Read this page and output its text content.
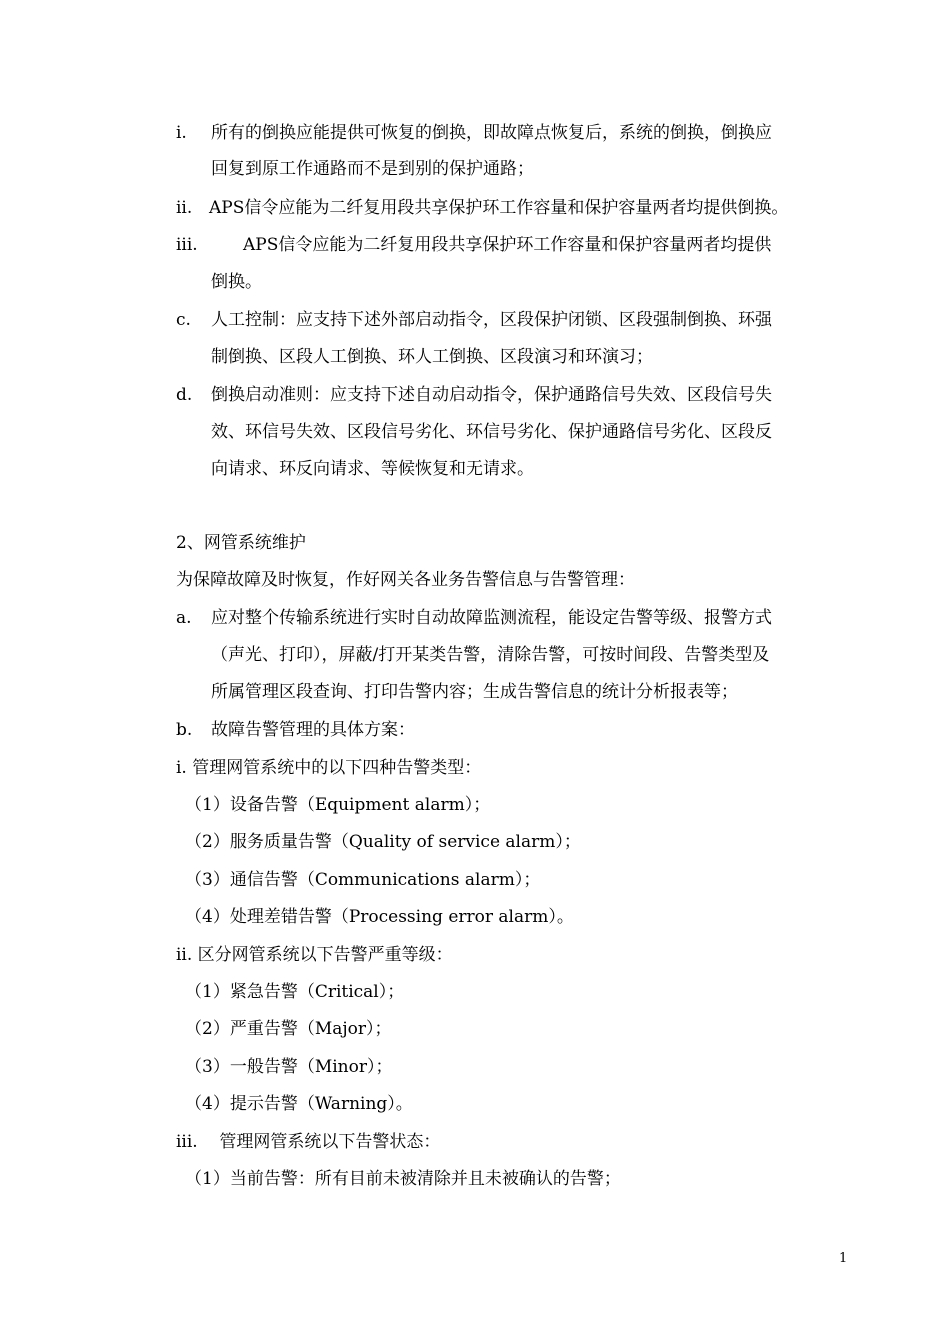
i. 所有的倒换应能提供可恢复的倒换，即故障点恢复后，系统的倒换，倒换应
回复到原工作通路而不是到别的保护通路；
ii. APS信令应能为二纤复用段共享保护环工作容量和保护容量两者均提供倒换。
iii.	APS信令应能为二纤复用段共享保护环工作容量和保护容量两者均提供
倒换。
c. 人工控制：应支持下述外部启动指令，区段保护闭锁、区段强制倒换、环强
制倒换、区段人工倒换、环人工倒换、区段演习和环演习；
d. 倒换启动准则：应支持下述自动启动指令，保护通路信号失效、区段信号失
效、环信号失效、区段信号劣化、环信号劣化、保护通路信号劣化、区段反
向请求、环反向请求、等候恢复和无请求。
2、网管系统维护
为保障故障及时恢复，作好网关各业务告警信息与告警管理：
a. 应对整个传输系统进行实时自动故障监测流程，能设定告警等级、报警方式
（声光、打印），屏蔽/打开某类告警，清除告警，可按时间段、告警类型及
所属管理区段查询、打印告警内容；生成告警信息的统计分析报表等；
b. 故障告警管理的具体方案：
i. 管理网管系统中的以下四种告警类型：
（1）设备告警（Equipment alarm）；
（2）服务质量告警（Quality of service alarm）；
（3）通信告警（Communications alarm）；
（4）处理差错告警（Processing error alarm）。
ii. 区分网管系统以下告警严重等级：
（1）紧急告警（Critical）；
（2）严重告警（Major）；
（3）一般告警（Minor）；
（4）提示告警（Warning）。
iii.    管理网管系统以下告警状态：
（1）当前告警：所有目前未被清除并且未被确认的告警；
1
